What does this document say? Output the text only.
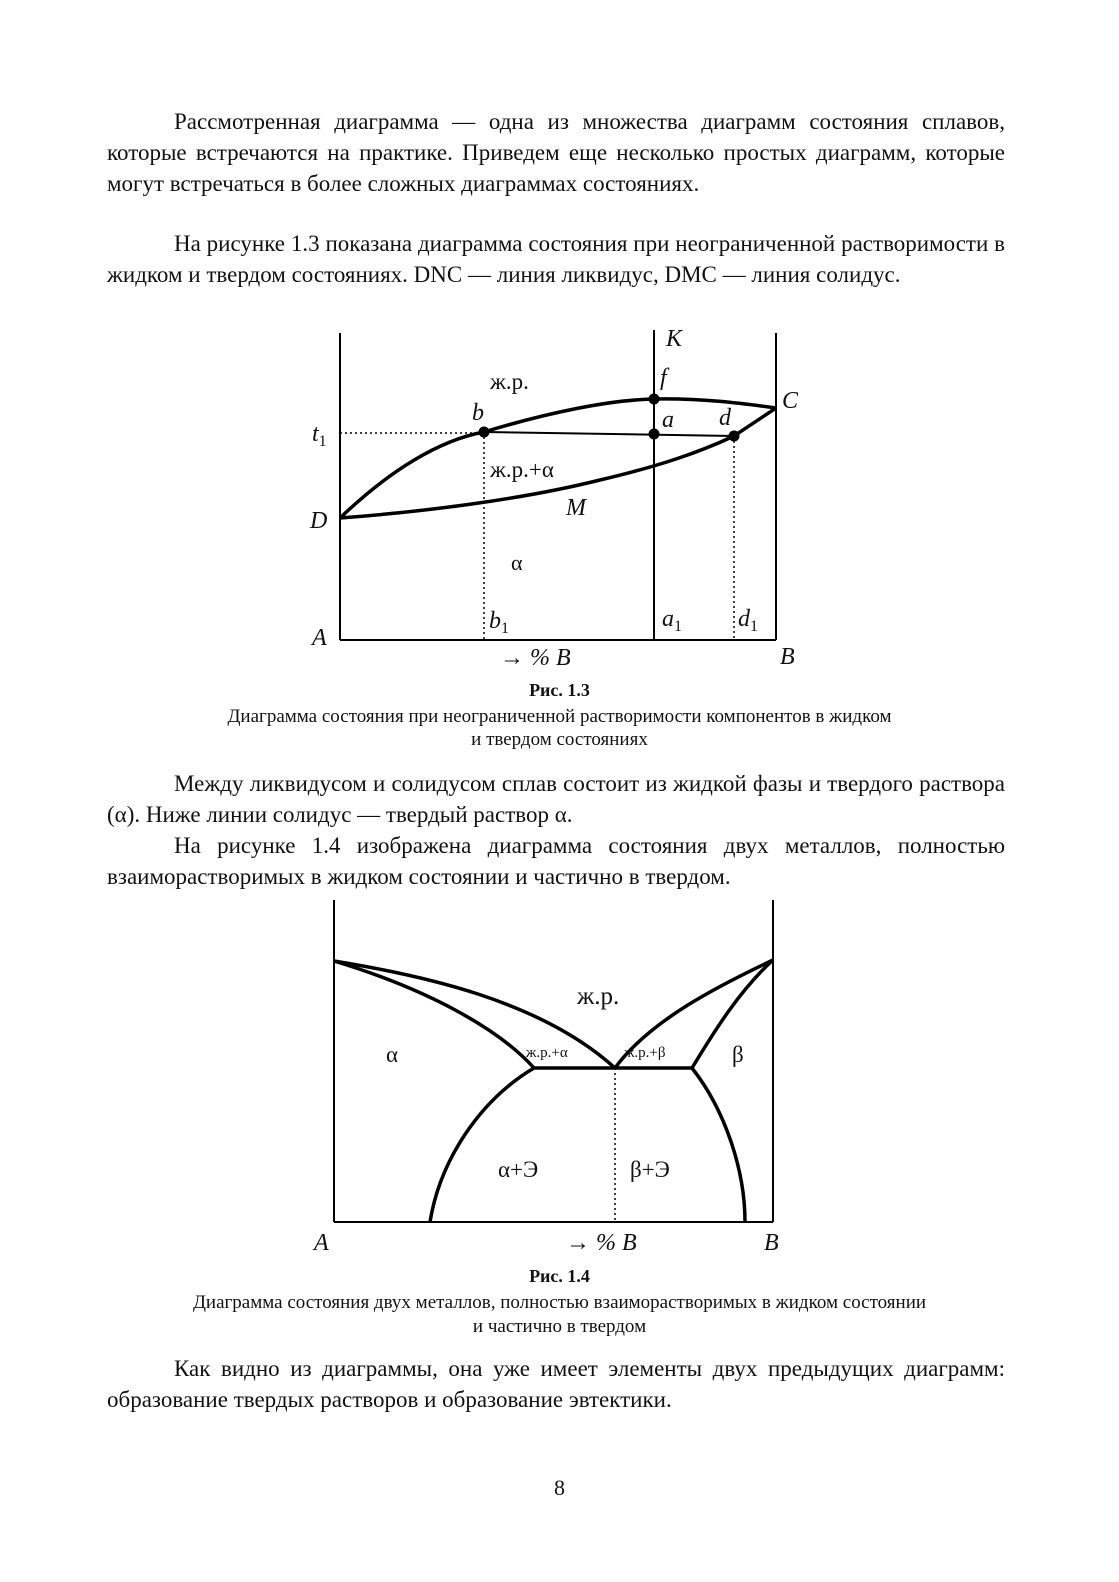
Рассмотренная диаграмма — одна из множества диаграмм состояния сплавов, которые встречаются на практике. Приведем еще несколько простых диаграмм, которые могут встречаться в более сложных диаграммах состояниях.

На рисунке 1.3 показана диаграмма состояния при неограниченной растворимости в жидком и твердом состояниях. DNC — линия ликвидус, DMC — линия солидус.

K
f
C
b	a d
$t_1$
ж.р.
ж.р.+α
M
D
α
A
$b_1$	$a_1$ $d_1$
→ % B	B

Рис. 1.3

Диаграмма состояния при неограниченной растворимости компонентов в жидком

и твердом состояниях

Между ликвидусом и солидусом сплав состоит из жидкой фазы и твердого раствора (α). Ниже линии солидус — твердый раствор α.

На рисунке 1.4 изображена диаграмма состояния двух металлов, полностью взаиморастворимых в жидком состоянии и частично в твердом.

ж.р.
α	ж.р.+α	ж.р.+β	β
α+Э	β+Э
A	→ % B	B

Рис. 1.4

Диаграмма состояния двух металлов, полностью взаиморастворимых в жидком состоянии

и частично в твердом

Как видно из диаграммы, она уже имеет элементы двух предыдущих диаграмм: образование твердых растворов и образование эвтектики.

8
